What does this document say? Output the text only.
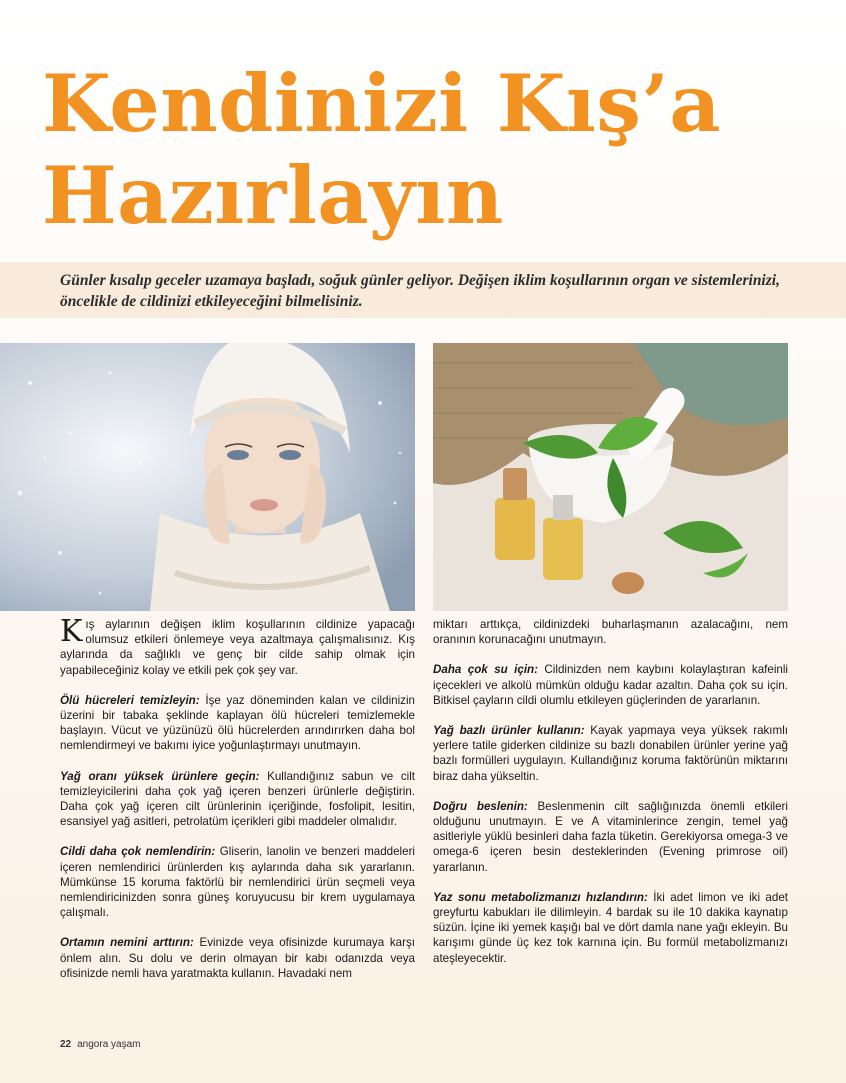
Kendinizi Kış’a
Hazırlayın

Günler kısalıp geceler uzamaya başladı, soğuk günler geliyor. Değişen iklim koşullarının organ ve sistemlerinizi, öncelikle de cildinizi etkileyeceğini bilmelisiniz.

Kış aylarının değişen iklim koşullarının cildinize yapacağı olumsuz etkileri önlemeye veya azaltmaya çalışmalısınız. Kış aylarında da sağlıklı ve genç bir cilde sahip olmak için yapabileceğiniz kolay ve etkili pek çok şey var.

Ölü hücreleri temizleyin: İşe yaz döneminden kalan ve cildinizin üzerini bir tabaka şeklinde kaplayan ölü hücreleri temizlemekle başlayın. Vücut ve yüzünüzü ölü hücrelerden arındırırken daha bol nemlendirmeyi ve bakımı iyice yoğunlaştırmayı unutmayın.

Yağ oranı yüksek ürünlere geçin: Kullandığınız sabun ve cilt temizleyicilerini daha çok yağ içeren benzeri ürünlerle değiştirin. Daha çok yağ içeren cilt ürünlerinin içeriğinde, fosfolipit, lesitin, esansiyel yağ asitleri, petrolatüm içerikleri gibi maddeler olmalıdır.

Cildi daha çok nemlendirin: Gliserin, lanolin ve benzeri maddeleri içeren nemlendirici ürünlerden kış aylarında daha sık yararlanın. Mümkünse 15 koruma faktörlü bir nemlendirici ürün seçmeli veya nemlendiricinizden sonra güneş koruyucusu bir krem uygulamaya çalışmalı.

Ortamın nemini arttırın: Evinizde veya ofisinizde kurumaya karşı önlem alın. Su dolu ve derin olmayan bir kabı odanızda veya ofisinizde nemli hava yaratmakta kullanın. Havadaki nem

miktarı arttıkça, cildinizdeki buharlaşmanın azalacağını, nem oranının korunacağını unutmayın.

Daha çok su için: Cildinizden nem kaybını kolaylaştıran kafeinli içecekleri ve alkolü mümkün olduğu kadar azaltın. Daha çok su için. Bitkisel çayların cildi olumlu etkileyen güçlerinden de yararlanın.

Yağ bazlı ürünler kullanın: Kayak yapmaya veya yüksek rakımlı yerlere tatile giderken cildinize su bazlı donabilen ürünler yerine yağ bazlı formülleri uygulayın. Kullandığınız koruma faktörünün miktarını biraz daha yükseltin.

Doğru beslenin: Beslenmenin cilt sağlığınızda önemli etkileri olduğunu unutmayın. E ve A vitaminlerince zengin, temel yağ asitleriyle yüklü besinleri daha fazla tüketin. Gerekiyorsa omega-3 ve omega-6 içeren besin desteklerinden (Evening primrose oil) yararlanın.

Yaz sonu metabolizmanızı hızlandırın: İki adet limon ve iki adet greyfurtu kabukları ile dilimleyin. 4 bardak su ile 10 dakika kaynatıp süzün. İçine iki yemek kaşığı bal ve dört damla nane yağı ekleyin. Bu karışımı günde üç kez tok karnına için. Bu formül metabolizmanızı ateşleyecektir.

22 angora yaşam
